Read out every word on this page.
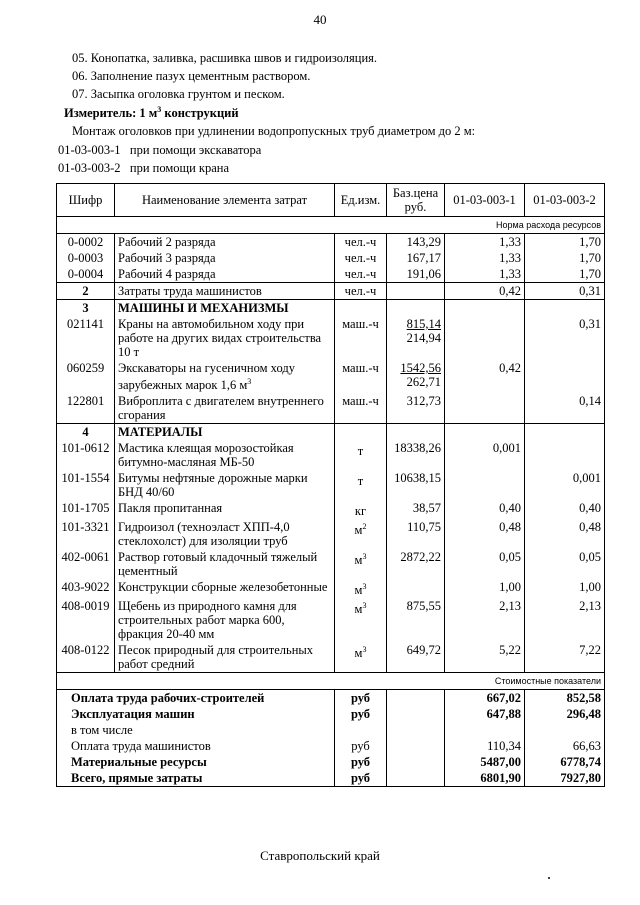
40
05. Конопатка, заливка, расшивка швов и гидроизоляция.
06. Заполнение пазух цементным раствором.
07. Засыпка оголовка грунтом и песком.
Измеритель: 1 $м^3$ конструкций
Монтаж оголовков при удлинении водопропускных труб диаметром до 2 м:
01-03-003-1 при помощи экскаватора
01-03-003-2 при помощи крана
Шифр	Наименование элемента затрат	Ед.изм.	Баз.цена
руб.	01-03-003-1	01-03-003-2
Норма расхода ресурсов					
0-0002	Рабочий 2 разряда	чел.-ч	143,29	1,33	1,70
0-0003	Рабочий 3 разряда	чел.-ч	167,17	1,33	1,70
0-0004	Рабочий 4 разряда	чел.-ч	191,06	1,33	1,70
2	Затраты труда машинистов	чел.-ч		0,42	0,31
3	МАШИНЫ И МЕХАНИЗМЫ				
021141	Краны на автомобильном ходу при работе на других видах строительства 10 т	маш.-ч	815,14
214,94		0,31
060259	Экскаваторы на гусеничном ходу зарубежных марок 1,6 $м^3$	маш.-ч	1542,56
262,71	0,42	
122801	Виброплита с двигателем внутреннего сгорания	маш.-ч	312,73		0,14
4	МАТЕРИАЛЫ				
101-0612	Мастика клеящая морозостойкая битумно-масляная МБ-50	т	18338,26	0,001	
101-1554	Битумы нефтяные дорожные марки БНД 40/60	т	10638,15		0,001
101-1705	Пакля пропитанная	кг	38,57	0,40	0,40
101-3321	Гидроизол (техноэласт ХПП-4,0 стеклохолст) для изоляции труб	$м^2$	110,75	0,48	0,48
402-0061	Раствор готовый кладочный тяжелый цементный	$м^3$	2872,22	0,05	0,05
403-9022	Конструкции сборные железобетонные	$м^3$		1,00	1,00
408-0019	Щебень из природного камня для строительных работ марка 600, фракция 20-40 мм	$м^3$	875,55	2,13	2,13
408-0122	Песок природный для строительных работ средний	$м^3$	649,72	5,22	7,22
Стоимостные показатели					
Оплата труда рабочих-строителей		руб		667,02	852,58
Эксплуатация машин		руб		647,88	296,48
в том числе					
Оплата труда машинистов		руб		110,34	66,63
Материальные ресурсы		руб		5487,00	6778,74
Всего, прямые затраты		руб		6801,90	7927,80
Ставропольский край
